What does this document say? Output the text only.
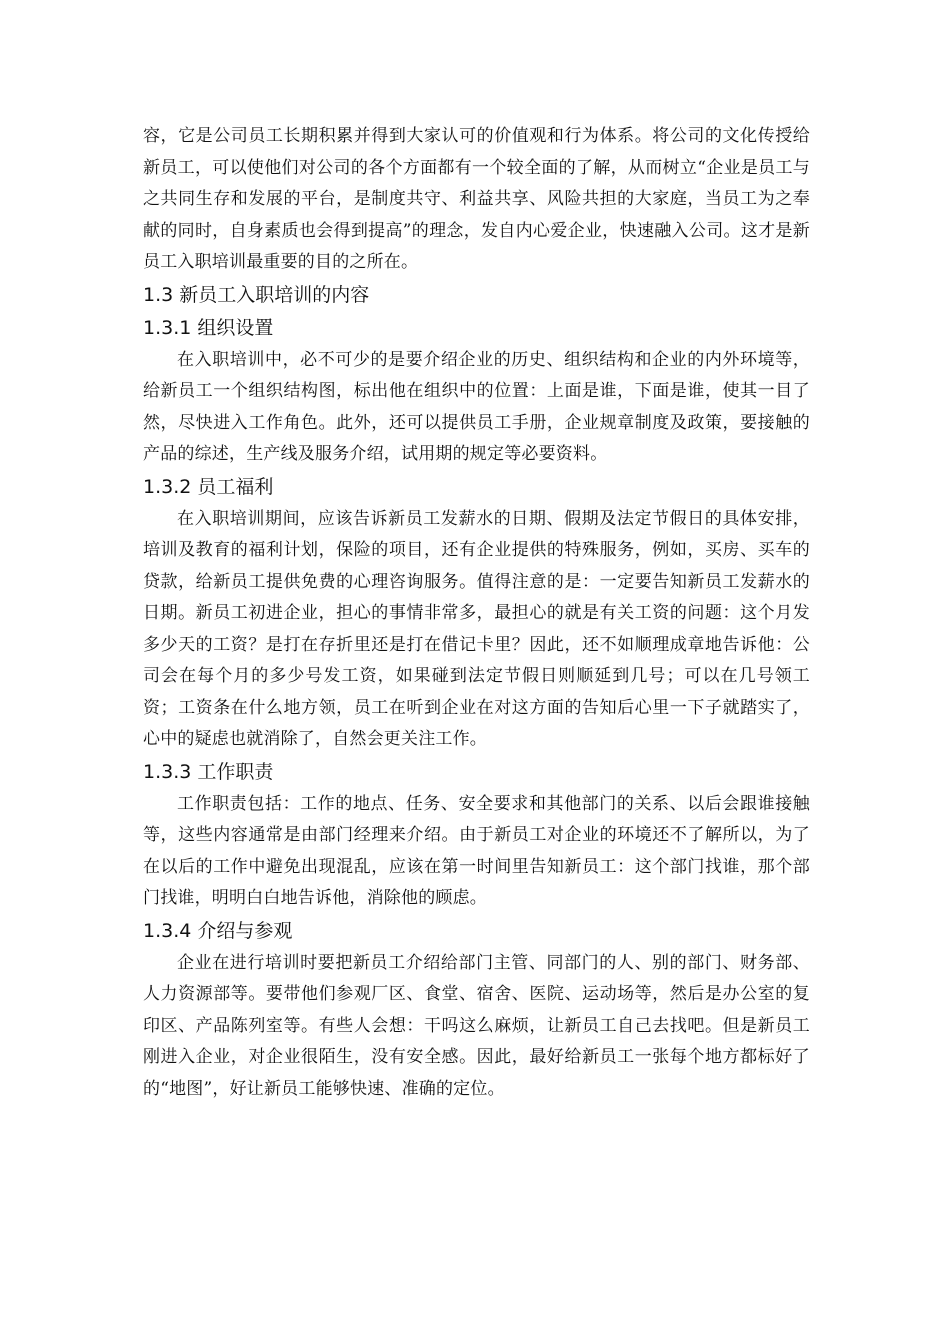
容，它是公司员工长期积累并得到大家认可的价值观和行为体系。将公司的文化传授给新员工，可以使他们对公司的各个方面都有一个较全面的了解，从而树立“企业是员工与之共同生存和发展的平台，是制度共守、利益共享、风险共担的大家庭，当员工为之奉献的同时，自身素质也会得到提高”的理念，发自内心爱企业，快速融入公司。这才是新员工入职培训最重要的目的之所在。

1.3 新员工入职培训的内容
1.3.1 组织设置

在入职培训中，必不可少的是要介绍企业的历史、组织结构和企业的内外环境等，给新员工一个组织结构图，标出他在组织中的位置：上面是谁，下面是谁，使其一目了然，尽快进入工作角色。此外，还可以提供员工手册，企业规章制度及政策，要接触的产品的综述，生产线及服务介绍，试用期的规定等必要资料。

1.3.2 员工福利

在入职培训期间，应该告诉新员工发薪水的日期、假期及法定节假日的具体安排，培训及教育的福利计划，保险的项目，还有企业提供的特殊服务，例如，买房、买车的贷款，给新员工提供免费的心理咨询服务。值得注意的是：一定要告知新员工发薪水的日期。新员工初进企业，担心的事情非常多，最担心的就是有关工资的问题：这个月发多少天的工资？是打在存折里还是打在借记卡里？因此，还不如顺理成章地告诉他：公司会在每个月的多少号发工资，如果碰到法定节假日则顺延到几号；可以在几号领工资；工资条在什么地方领，员工在听到企业在对这方面的告知后心里一下子就踏实了，心中的疑虑也就消除了，自然会更关注工作。

1.3.3 工作职责

工作职责包括：工作的地点、任务、安全要求和其他部门的关系、以后会跟谁接触等，这些内容通常是由部门经理来介绍。由于新员工对企业的环境还不了解所以，为了在以后的工作中避免出现混乱，应该在第一时间里告知新员工：这个部门找谁，那个部门找谁，明明白白地告诉他，消除他的顾虑。

1.3.4 介绍与参观

企业在进行培训时要把新员工介绍给部门主管、同部门的人、别的部门、财务部、人力资源部等。要带他们参观厂区、食堂、宿舍、医院、运动场等，然后是办公室的复印区、产品陈列室等。有些人会想：干吗这么麻烦，让新员工自己去找吧。但是新员工刚进入企业，对企业很陌生，没有安全感。因此，最好给新员工一张每个地方都标好了的“地图”，好让新员工能够快速、准确的定位。
